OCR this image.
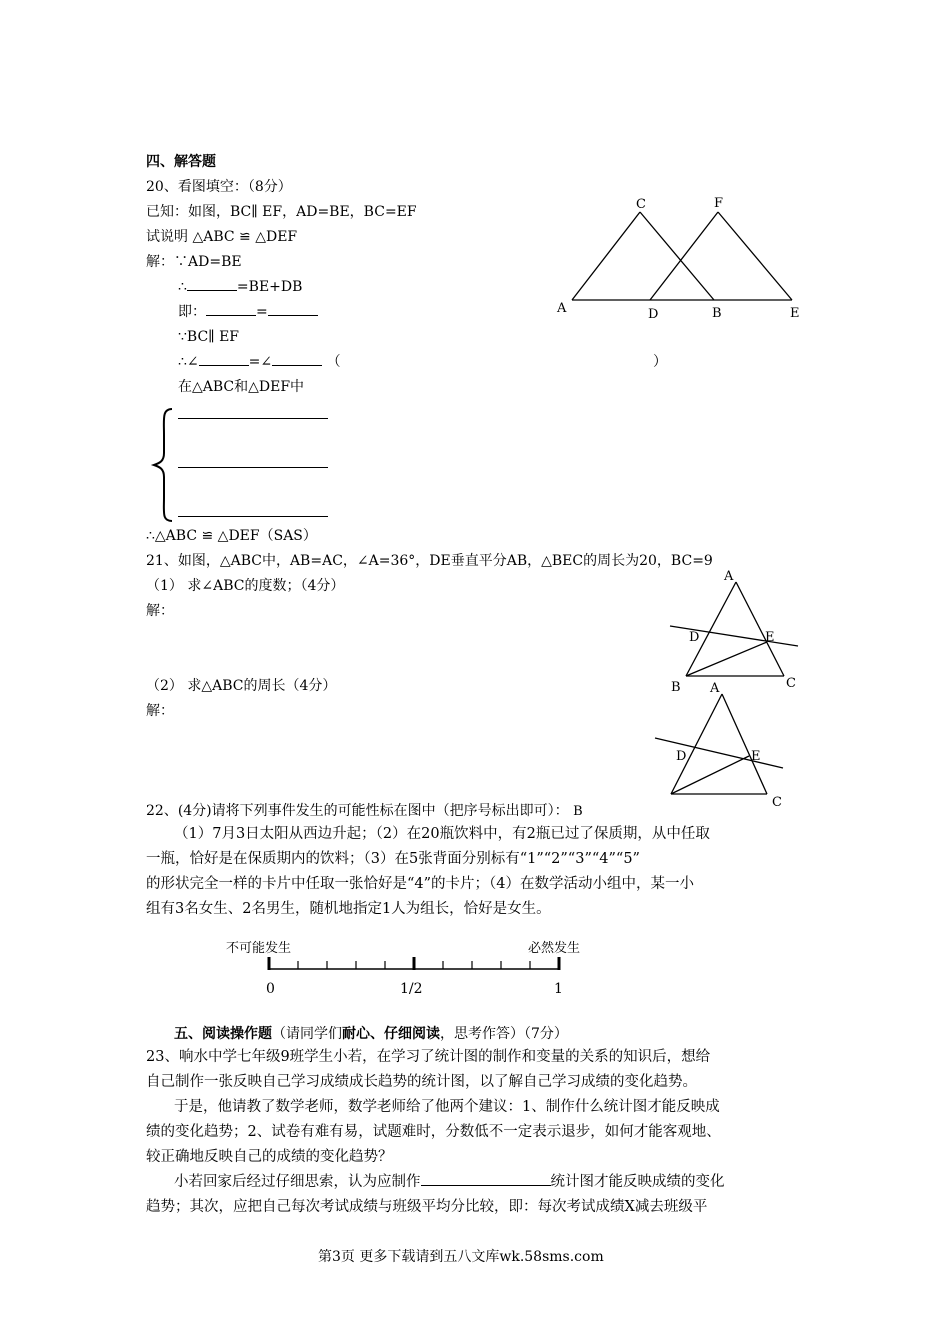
四、解答题
20、看图填空：（8分）
已知：如图，BC∥ EF，AD=BE，BC=EF
试说明 △ABC ≌ △DEF
解：∵AD=BE
∴	=BE+DB
即：	=
∵BC∥ EF
∴∠	=∠	（	）
在△ABC和△DEF中
∴△ABC ≌ △DEF（SAS）
C	F
A	D	B	E
21、如图，△ABC中，AB=AC，∠A=36°，DE垂直平分AB，△BEC的周长为20，BC=9
（1） 求∠ABC的度数；（4分）
解：
（2） 求△ABC的周长（4分）
解：
A
D	E
B	C
A
D	E
C
22、(4分)请将下列事件发生的可能性标在图中（把序号标出即可）： B
（1）7月3日太阳从西边升起；（2）在20瓶饮料中，有2瓶已过了保质期，从中任取
一瓶，恰好是在保质期内的饮料；（3）在5张背面分别标有“1”“2”“3”“4”“5”
的形状完全一样的卡片中任取一张恰好是“4”的卡片；（4）在数学活动小组中，某一小
组有3名女生、2名男生，随机地指定1人为组长，恰好是女生。
不可能发生	必然发生
0	1/2	1
五、阅读操作题（请同学们耐心、仔细阅读，思考作答）（7分）
23、响水中学七年级9班学生小若，在学习了统计图的制作和变量的关系的知识后，想给
自己制作一张反映自己学习成绩成长趋势的统计图，以了解自己学习成绩的变化趋势。
于是，他请教了数学老师，数学老师给了他两个建议：1、制作什么统计图才能反映成
绩的变化趋势；2、试卷有难有易，试题难时，分数低不一定表示退步，如何才能客观地、
较正确地反映自己的成绩的变化趋势？
小若回家后经过仔细思索，认为应制作	统计图才能反映成绩的变化
趋势；其次，应把自己每次考试成绩与班级平均分比较，即：每次考试成绩X减去班级平
第3页 更多下载请到五八文库wk.58sms.com
